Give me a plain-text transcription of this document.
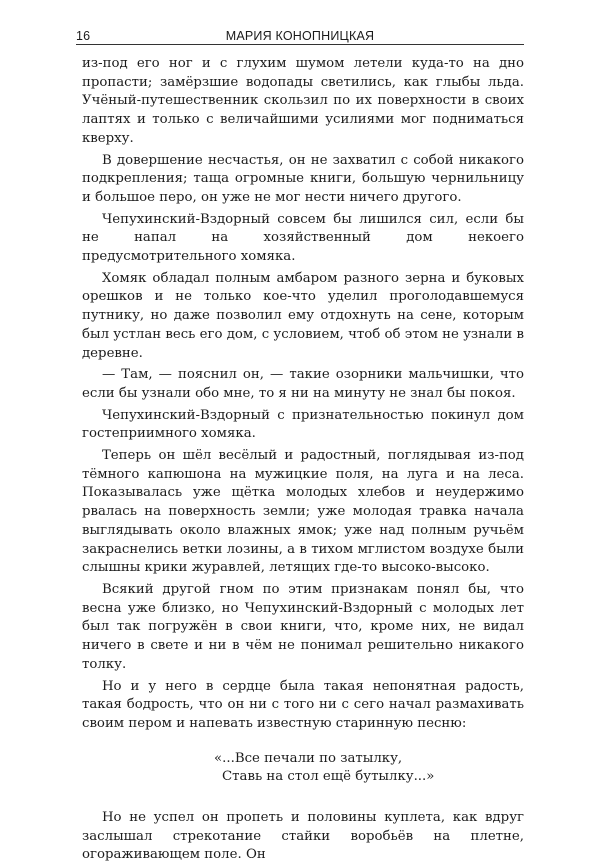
16	МАРИЯ КОНОПНИЦКАЯ

из-под его ног и с глухим шумом летели куда-то на дно пропасти; замёрзшие водопады светились, как глыбы льда. Учёный-путешественник скользил по их поверхности в своих лаптях и только с величайшими усилиями мог подниматься кверху.

В довершение несчастья, он не захватил с собой никакого подкрепления; таща огромные книги, большую чернильницу и большое перо, он уже не мог нести ничего другого.

Чепухинский-Вздорный совсем бы лишился сил, если бы не напал на хозяйственный дом некоего предусмотрительного хомяка.

Хомяк обладал полным амбаром разного зерна и буковых орешков и не только кое-что уделил проголодавшемуся путнику, но даже позволил ему отдохнуть на сене, которым был устлан весь его дом, с условием, чтоб об этом не узнали в деревне.

— Там, — пояснил он, — такие озорники мальчишки, что если бы узнали обо мне, то я ни на минуту не знал бы покоя.

Чепухинский-Вздорный с признательностью покинул дом гостеприимного хомяка.

Теперь он шёл весёлый и радостный, поглядывая из-под тёмного капюшона на мужицкие поля, на луга и на леса. Показывалась уже щётка молодых хлебов и неудержимо рвалась на поверхность земли; уже молодая травка начала выглядывать около влажных ямок; уже над полным ручьём закраснелись ветки лозины, а в тихом мглистом воздухе были слышны крики журавлей, летящих где-то высоко-высоко.

Всякий другой гном по этим признакам понял бы, что весна уже близко, но Чепухинский-Вздорный с молодых лет был так погружён в свои книги, что, кроме них, не видал ничего в свете и ни в чём не понимал решительно никакого толку.

Но и у него в сердце была такая непонятная радость, такая бодрость, что он ни с того ни с сего начал размахивать своим пером и напевать известную старинную песню:

«...Все печали по затылку,
Ставь на стол ещё бутылку...»

Но не успел он пропеть и половины куплета, как вдруг заслышал стрекотание стайки воробьёв на плетне, огораживающем поле. Он
